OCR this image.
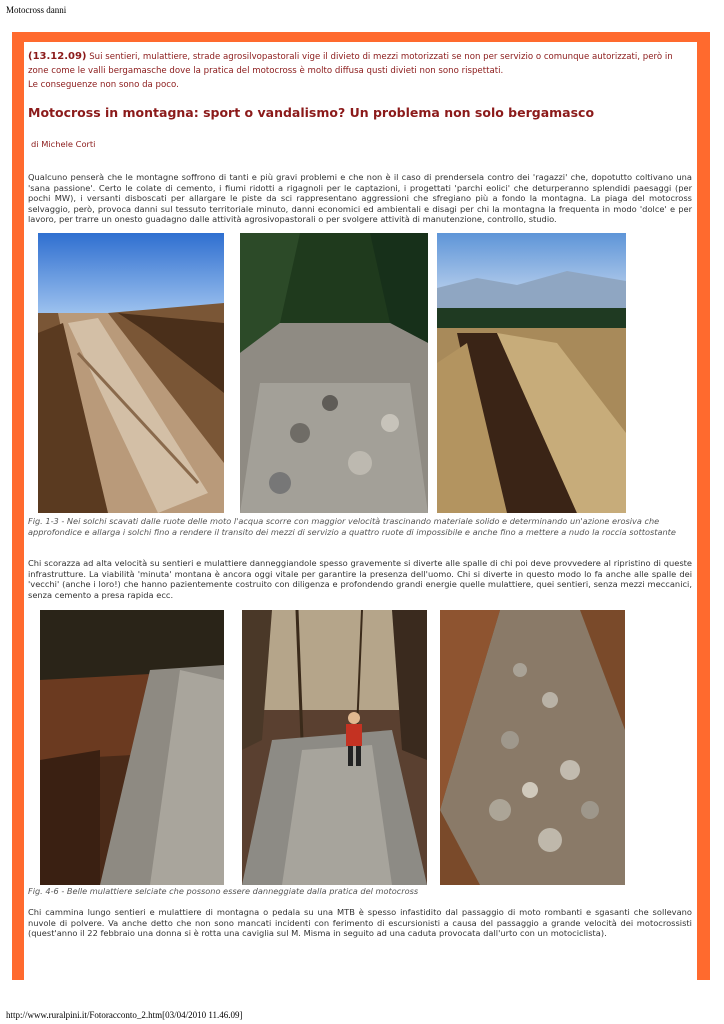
Motocross danni
(13.12.09) Sui sentieri, mulattiere, strade agrosilvopastorali vige il divieto di mezzi motorizzati se non per servizio o comunque autorizzati, però in zone come le valli bergamasche dove la pratica del motocross è molto diffusa qusti divieti non sono rispettati.
Le conseguenze non sono da poco.
Motocross in montagna: sport o vandalismo? Un problema non solo bergamasco
di Michele Corti

Qualcuno penserà che le montagne soffrono di tanti e più gravi problemi e che non è il caso di prendersela contro dei 'ragazzi' che, dopotutto coltivano una 'sana passione'. Certo le colate di cemento, i fiumi ridotti a rigagnoli per le captazioni, i progettati 'parchi eolici' che deturperanno splendidi paesaggi (per pochi MW), i versanti disboscati per allargare le piste da sci rappresentano aggressioni che sfregiano più a fondo la montagna. La piaga del motocross selvaggio, però, provoca danni sul tessuto territoriale minuto, danni economici ed ambientali e disagi per chi la montagna la frequenta in modo 'dolce' e per lavoro, per trarre un onesto guadagno dalle attività agrosivopastorali o per svolgere attività di manutenzione, controllo, studio.

Fig. 1-3 - Nei solchi scavati dalle ruote delle moto l'acqua scorre con maggior velocità trascinando materiale solido e determinando un'azione erosiva che approfondice e allarga i solchi fino a rendere il transito dei mezzi di servizio a quattro ruote di impossibile e anche fino a mettere a nudo la roccia sottostante

Chi scorazza ad alta velocità su sentieri e mulattiere danneggiandole spesso gravemente si diverte alle spalle di chi poi deve provvedere al ripristino di queste infrastrutture. La viabilità 'minuta' montana è ancora oggi vitale per garantire la presenza dell'uomo. Chi si diverte in questo modo lo fa anche alle spalle dei 'vecchi' (anche i loro!) che hanno pazientemente costruito con diligenza e profondendo grandi energie quelle mulattiere, quei sentieri, senza mezzi meccanici, senza cemento a presa rapida ecc.

Fig. 4-6 - Belle mulattiere selciate che possono essere danneggiate dalla pratica del motocross

Chi cammina lungo sentieri e mulattiere di montagna o pedala su una MTB è spesso infastidito dal passaggio di moto rombanti e sgasanti che sollevano nuvole di polvere. Va anche detto che non sono mancati incidenti con ferimento di escursionisti a causa del passaggio a grande velocità dei motocrossisti (quest'anno il 22 febbraio una donna si è rotta una caviglia sul M. Misma in seguito ad una caduta provocata dall'urto con un motociclista).

http://www.ruralpini.it/Fotoracconto_2.htm[03/04/2010 11.46.09]
